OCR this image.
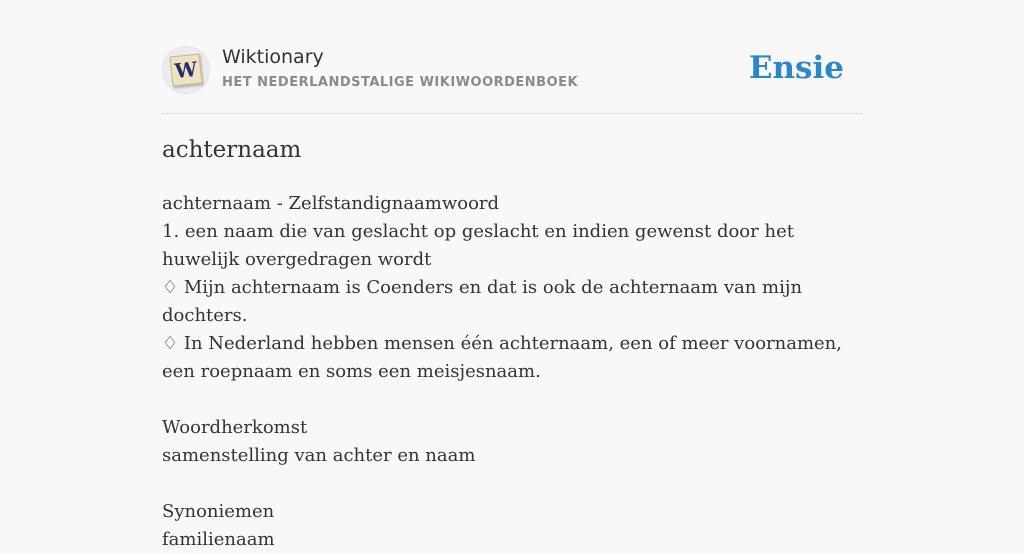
W Wiktionary
HET NEDERLANDSTALIGE WIKIWOORDENBOEK	Ensie
achternaam

achternaam - Zelfstandignaamwoord

1. een naam die van geslacht op geslacht en indien gewenst door het huwelijk overgedragen wordt

♢ Mijn achternaam is Coenders en dat is ook de achternaam van mijn dochters.

♢ In Nederland hebben mensen één achternaam, een of meer voornamen, een roepnaam en soms een meisjesnaam.

Woordherkomst

samenstelling van achter en naam

Synoniemen

familienaam
